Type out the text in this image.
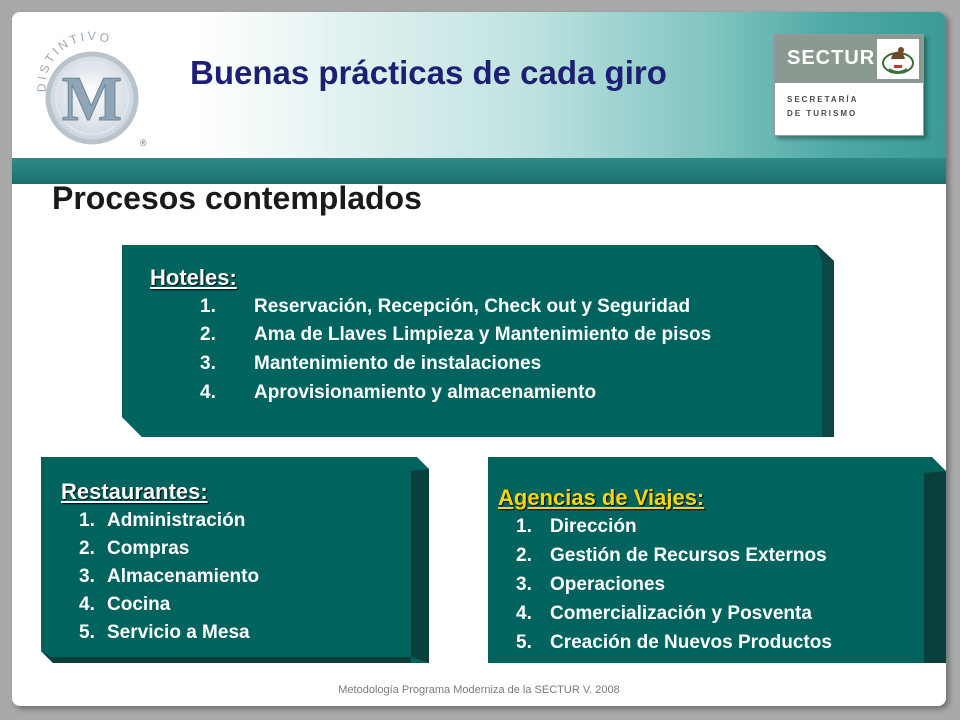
M
DISTINTIVO
®
Buenas prácticas de cada giro	SECTUR
SECRETARÍA
DE TURISMO
Procesos contemplados
Hoteles:
1.	Reservación, Recepción, Check out y Seguridad
2.	Ama de Llaves Limpieza y Mantenimiento de pisos
3.	Mantenimiento de instalaciones
4.	Aprovisionamiento y almacenamiento
Restaurantes:
1. Administración
2. Compras
3. Almacenamiento
4. Cocina
5. Servicio a Mesa
Agencias de Viajes:
1. Dirección
2. Gestión de Recursos Externos
3. Operaciones
4. Comercialización y Posventa
5. Creación de Nuevos Productos
Metodología Programa Moderniza de la SECTUR V. 2008
